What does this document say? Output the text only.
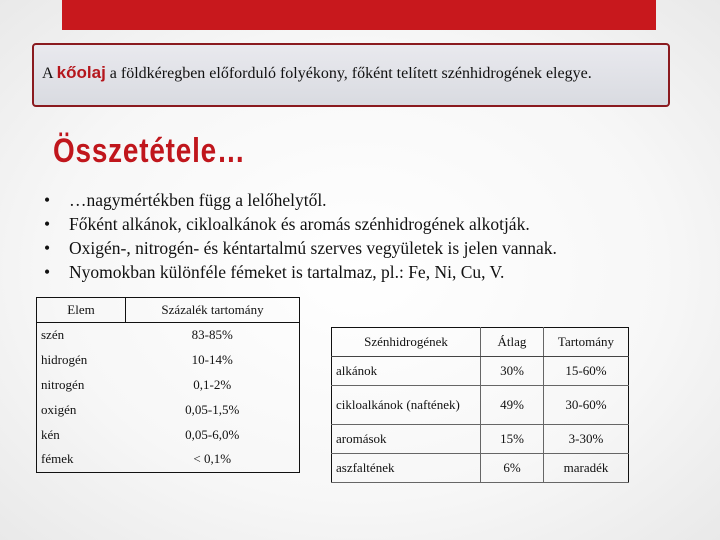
A kőolaj a földkéregben előforduló folyékony, főként telített szénhidrogének elegye.
Összetétele…
• …nagymértékben függ a lelőhelytől.
• Főként alkánok, cikloalkánok és aromás szénhidrogének alkotják.
• Oxigén-, nitrogén- és kéntartalmú szerves vegyületek is jelen vannak.
• Nyomokban különféle fémeket is tartalmaz, pl.: Fe, Ni, Cu, V.
Elem	Százalék tartomány
szén	83-85%
hidrogén	10-14%
nitrogén	0,1-2%
oxigén	0,05-1,5%
kén	0,05-6,0%
fémek	< 0,1%
Szénhidrogének	Átlag	Tartomány
alkánok	30%	15-60%
cikloalkánok (naftének)	49%	30-60%
aromások	15%	3-30%
aszfaltének	6%	maradék
